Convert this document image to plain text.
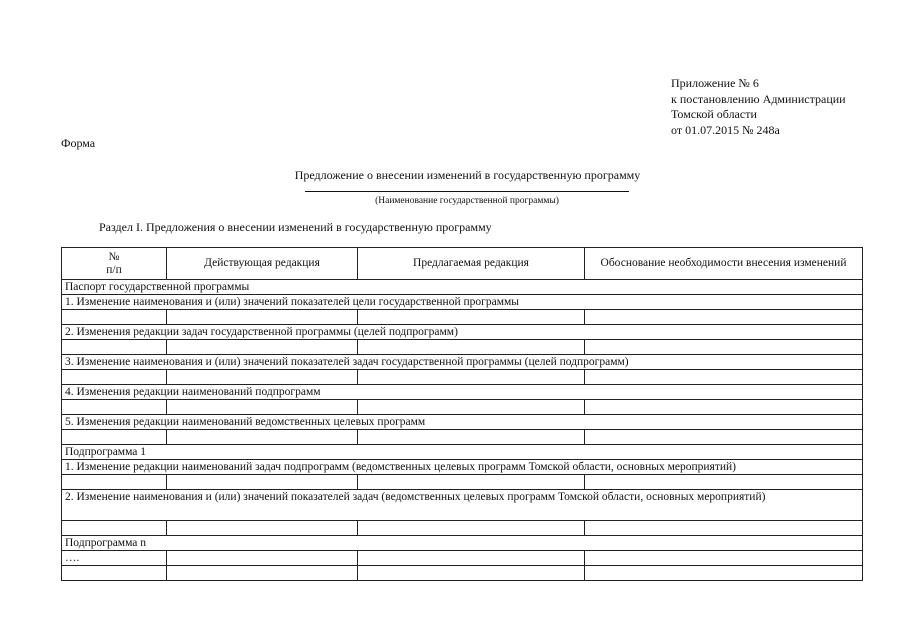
Приложение № 6
к постановлению Администрации
Томской области
от 01.07.2015 № 248а
Форма
Предложение о внесении изменений в государственную программу
(Наименование государственной программы)
Раздел I. Предложения о внесении изменений в государственную программу
№
п/п	Действующая редакция	Предлагаемая редакция	Обоснование необходимости внесения изменений
Паспорт государственной программы			
1. Изменение наименования и (или) значений показателей цели государственной программы			

2. Изменения редакции задач государственной программы (целей подпрограмм)			

3. Изменение наименования и (или) значений показателей задач государственной программы (целей подпрограмм)			

4. Изменения редакции наименований подпрограмм			

5. Изменения редакции наименований ведомственных целевых программ			

Подпрограмма 1			
1. Изменение редакции наименований задач подпрограмм (ведомственных целевых программ Томской области, основных мероприятий)			

2. Изменение наименования и (или) значений показателей задач (ведомственных целевых программ Томской области, основных мероприятий)			

Подпрограмма n			
….			
